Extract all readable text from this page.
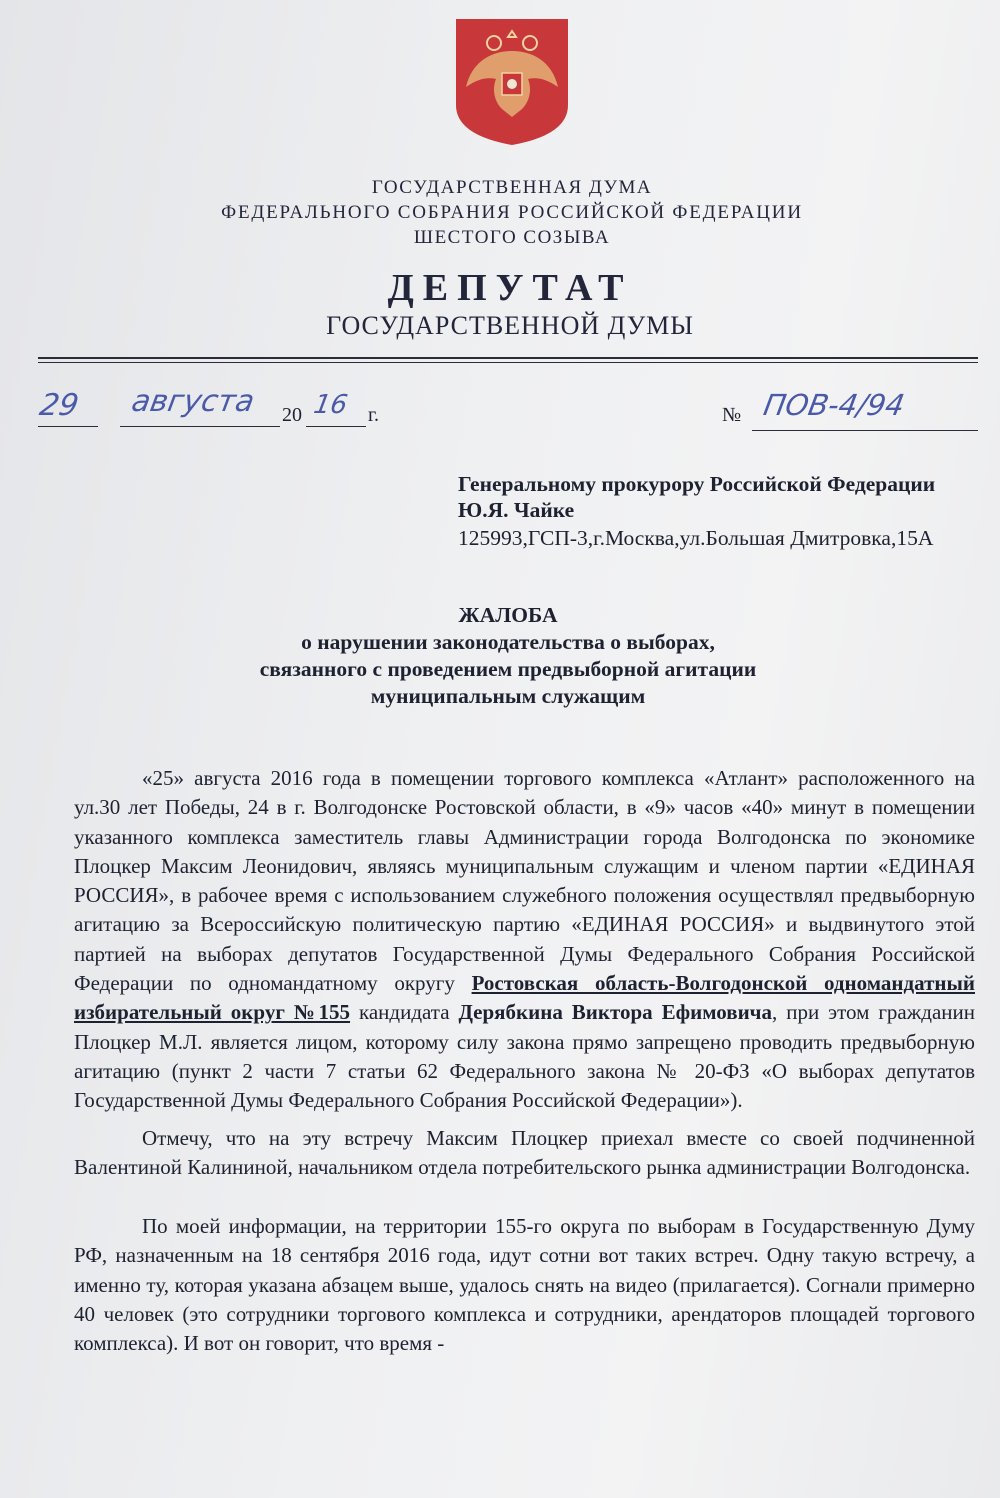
ГОСУДАРСТВЕННАЯ ДУМА
ФЕДЕРАЛЬНОГО СОБРАНИЯ РОССИЙСКОЙ ФЕДЕРАЦИИ
ШЕСТОГО СОЗЫВА
ДЕПУТАТ
ГОСУДАРСТВЕННОЙ ДУМЫ
29 августа 20 16 г.	№ ПОВ-4/94
Генеральному прокурору Российской Федерации
Ю.Я. Чайке
125993,ГСП-3,г.Москва,ул.Большая Дмитровка,15А
ЖАЛОБА
о нарушении законодательства о выборах,
связанного с проведением предвыборной агитации
муниципальным служащим

«25» августа 2016 года в помещении торгового комплекса «Атлант» расположенного на ул.30 лет Победы, 24 в г. Волгодонске Ростовской области, в «9» часов «40» минут в помещении указанного комплекса заместитель главы Администрации города Волгодонска по экономике Плоцкер Максим Леонидович, являясь муниципальным служащим и членом партии «ЕДИНАЯ РОССИЯ», в рабочее время с использованием служебного положения осуществлял предвыборную агитацию за Всероссийскую политическую партию «ЕДИНАЯ РОССИЯ» и выдвинутого этой партией на выборах депутатов Государственной Думы Федерального Собрания Российской Федерации по одномандатному округу Ростовская область-Волгодонской одномандатный избирательный округ №155 кандидата Дерябкина Виктора Ефимовича, при этом гражданин Плоцкер М.Л. является лицом, которому силу закона прямо запрещено проводить предвыборную агитацию (пункт 2 части 7 статьи 62 Федерального закона № 20-ФЗ «О выборах депутатов Государственной Думы Федерального Собрания Российской Федерации»).

Отмечу, что на эту встречу Максим Плоцкер приехал вместе со своей подчиненной Валентиной Калининой, начальником отдела потребительского рынка администрации Волгодонска.

По моей информации, на территории 155-го округа по выборам в Государственную Думу РФ, назначенным на 18 сентября 2016 года, идут сотни вот таких встреч. Одну такую встречу, а именно ту, которая указана абзацем выше, удалось снять на видео (прилагается). Согнали примерно 40 человек (это сотрудники торгового комплекса и сотрудники, арендаторов площадей торгового комплекса). И вот он говорит, что время -
